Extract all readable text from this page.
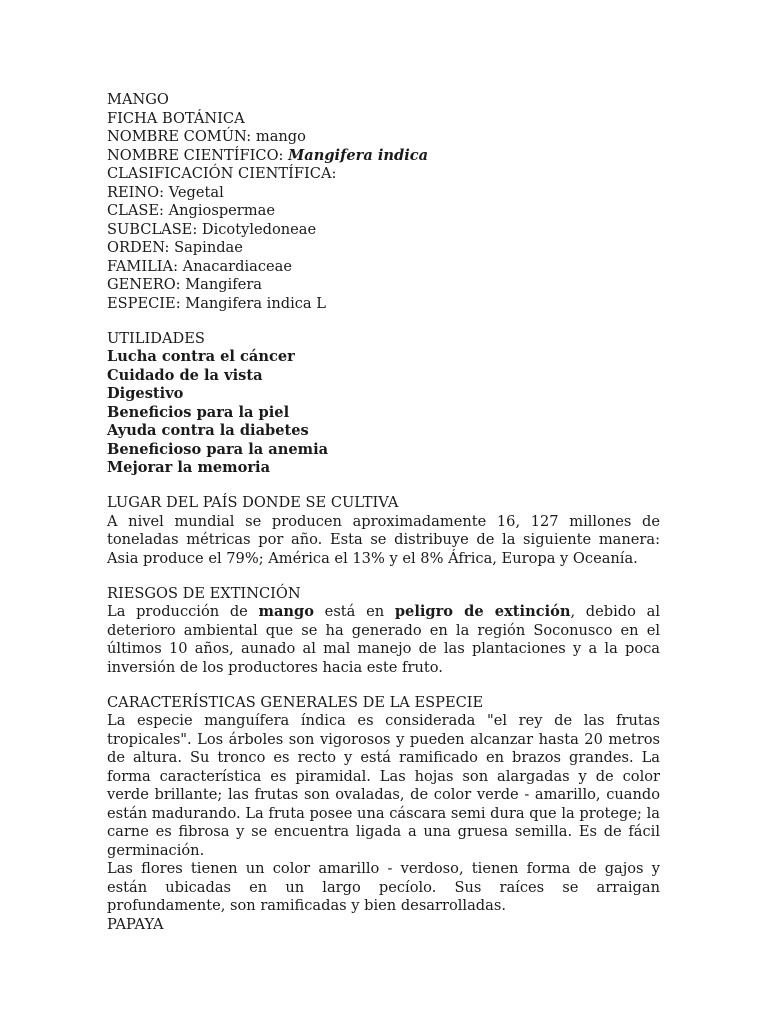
MANGO
FICHA BOTÁNICA
NOMBRE COMÚN: mango
NOMBRE CIENTÍFICO: Mangifera indica
CLASIFICACIÓN CIENTÍFICA:
REINO: Vegetal
CLASE: Angiospermae
SUBCLASE: Dicotyledoneae
ORDEN: Sapindae
FAMILIA: Anacardiaceae
GENERO: Mangifera
ESPECIE: Mangifera indica L
UTILIDADES
Lucha contra el cáncer
Cuidado de la vista
Digestivo
Beneficios para la piel
Ayuda contra la diabetes
Beneficioso para la anemia
Mejorar la memoria
LUGAR DEL PAÍS DONDE SE CULTIVA
A nivel mundial se producen aproximadamente 16, 127 millones de toneladas métricas por año. Esta se distribuye de la siguiente manera: Asia produce el 79%; América el 13% y el 8% África, Europa y Oceanía.
RIESGOS DE EXTINCIÓN
La producción de mango está en peligro de extinción, debido al deterioro ambiental que se ha generado en la región Soconusco en el últimos 10 años, aunado al mal manejo de las plantaciones y a la poca inversión de los productores hacia este fruto.
CARACTERÍSTICAS GENERALES DE LA ESPECIE

La especie manguífera índica es considerada "el rey de las frutas tropicales". Los árboles son vigorosos y pueden alcanzar hasta 20 metros de altura. Su tronco es recto y está ramificado en brazos grandes. La forma característica es piramidal. Las hojas son alargadas y de color verde brillante; las frutas son ovaladas, de color verde - amarillo, cuando están madurando. La fruta posee una cáscara semi dura que la protege; la carne es fibrosa y se encuentra ligada a una gruesa semilla. Es de fácil germinación.

Las flores tienen un color amarillo - verdoso, tienen forma de gajos y están ubicadas en un largo pecíolo. Sus raíces se arraigan profundamente, son ramificadas y bien desarrolladas.

PAPAYA
